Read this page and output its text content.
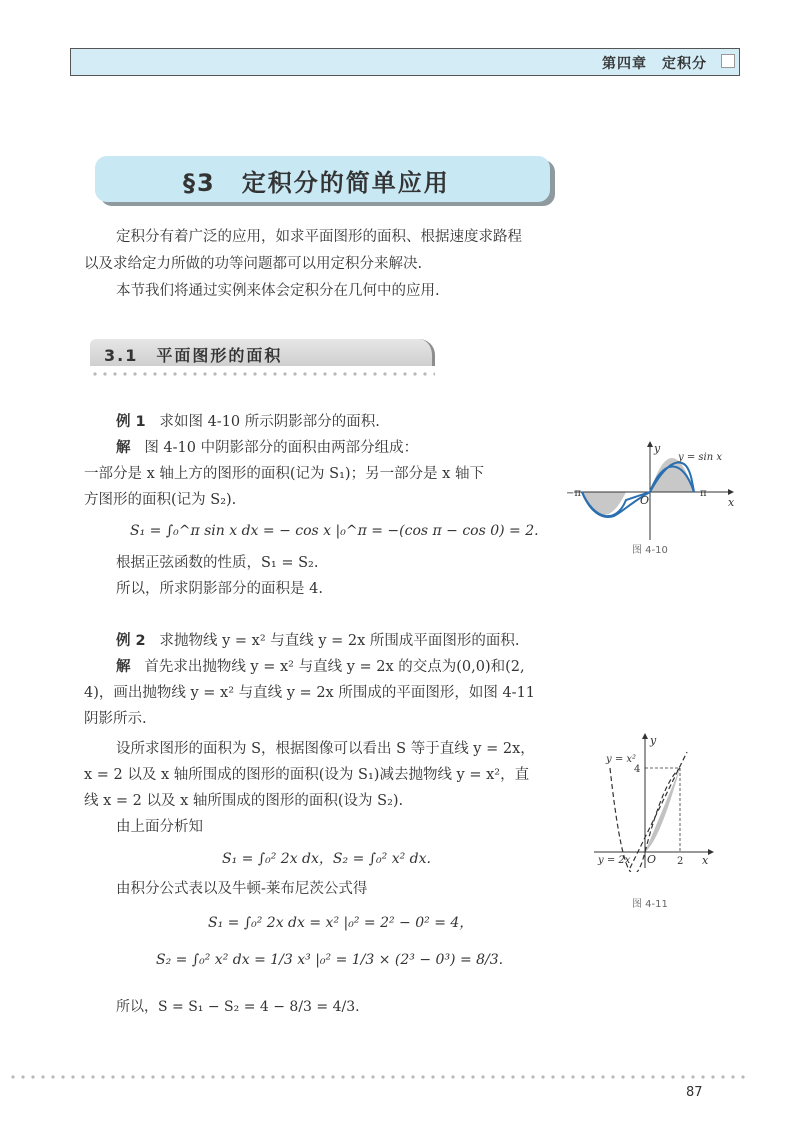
第四章　定积分
§3　定积分的简单应用
定积分有着广泛的应用，如求平面图形的面积、根据速度求路程
以及求给定力所做的功等问题都可以用定积分来解决.
本节我们将通过实例来体会定积分在几何中的应用.
3.1　平面图形的面积
例 1 求如图 4-10 所示阴影部分的面积.
解 图 4-10 中阴影部分的面积由两部分组成：
一部分是 x 轴上方的图形的面积(记为 S₁)；另一部分是 x 轴下
方图形的面积(记为 S₂).
S₁ = ∫₀^π sin x dx = − cos x |₀^π = −(cos π − cos 0) = 2.
根据正弦函数的性质，S₁ = S₂.
所以，所求阴影部分的面积是 4.
y
y = sin x
−π
O
π
x
图 4-10
例 2 求抛物线 y = x² 与直线 y = 2x 所围成平面图形的面积.
解 首先求出抛物线 y = x² 与直线 y = 2x 的交点为(0,0)和(2,
4)，画出抛物线 y = x² 与直线 y = 2x 所围成的平面图形，如图 4-11
阴影所示.
设所求图形的面积为 S，根据图像可以看出 S 等于直线 y = 2x，
x = 2 以及 x 轴所围成的图形的面积(设为 S₁)减去抛物线 y = x²，直
线 x = 2 以及 x 轴所围成的图形的面积(设为 S₂).
由上面分析知
S₁ = ∫₀² 2x dx，S₂ = ∫₀² x² dx.
由积分公式表以及牛顿-莱布尼茨公式得
S₁ = ∫₀² 2x dx = x² |₀² = 2² − 0² = 4，
S₂ = ∫₀² x² dx = 1/3 x³ |₀² = 1/3 × (2³ − 0³) = 8/3.
所以，S = S₁ − S₂ = 4 − 8/3 = 4/3.
y
y = x²
4
y = 2x O 2 x
图 4-11
87
